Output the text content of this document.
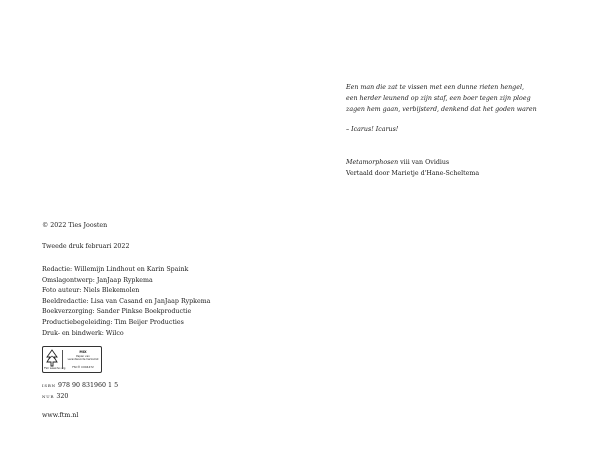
© 2022 Ties Joosten
Tweede druk februari 2022
Redactie: Willemijn Lindhout en Karin Spaink
Omslagontwerp: JanJaap Rypkema
Foto auteur: Niels Blekemolen
Beeldredactie: Lisa van Casand en JanJaap Rypkema
Boekverzorging: Sander Pinkse Boekproductie
Productiebegeleiding: Tim Beijer Producties
Druk- en bindwerk: Wilco
FSC www.fsc.org
MIX
Papier van
verantwoorde herkomst
FSC® C004472
isbn 978 90 831960 1 5
nur 320
www.ftm.nl
Een man die zat te vissen met een dunne rieten hengel,
een herder leunend op zijn staf, een boer tegen zijn ploeg
zagen hem gaan, verbijsterd, denkend dat het goden waren
– Icarus! Icarus!
Metamorphosen viii van Ovidius
Vertaald door Marietje d'Hane-Scheltema
